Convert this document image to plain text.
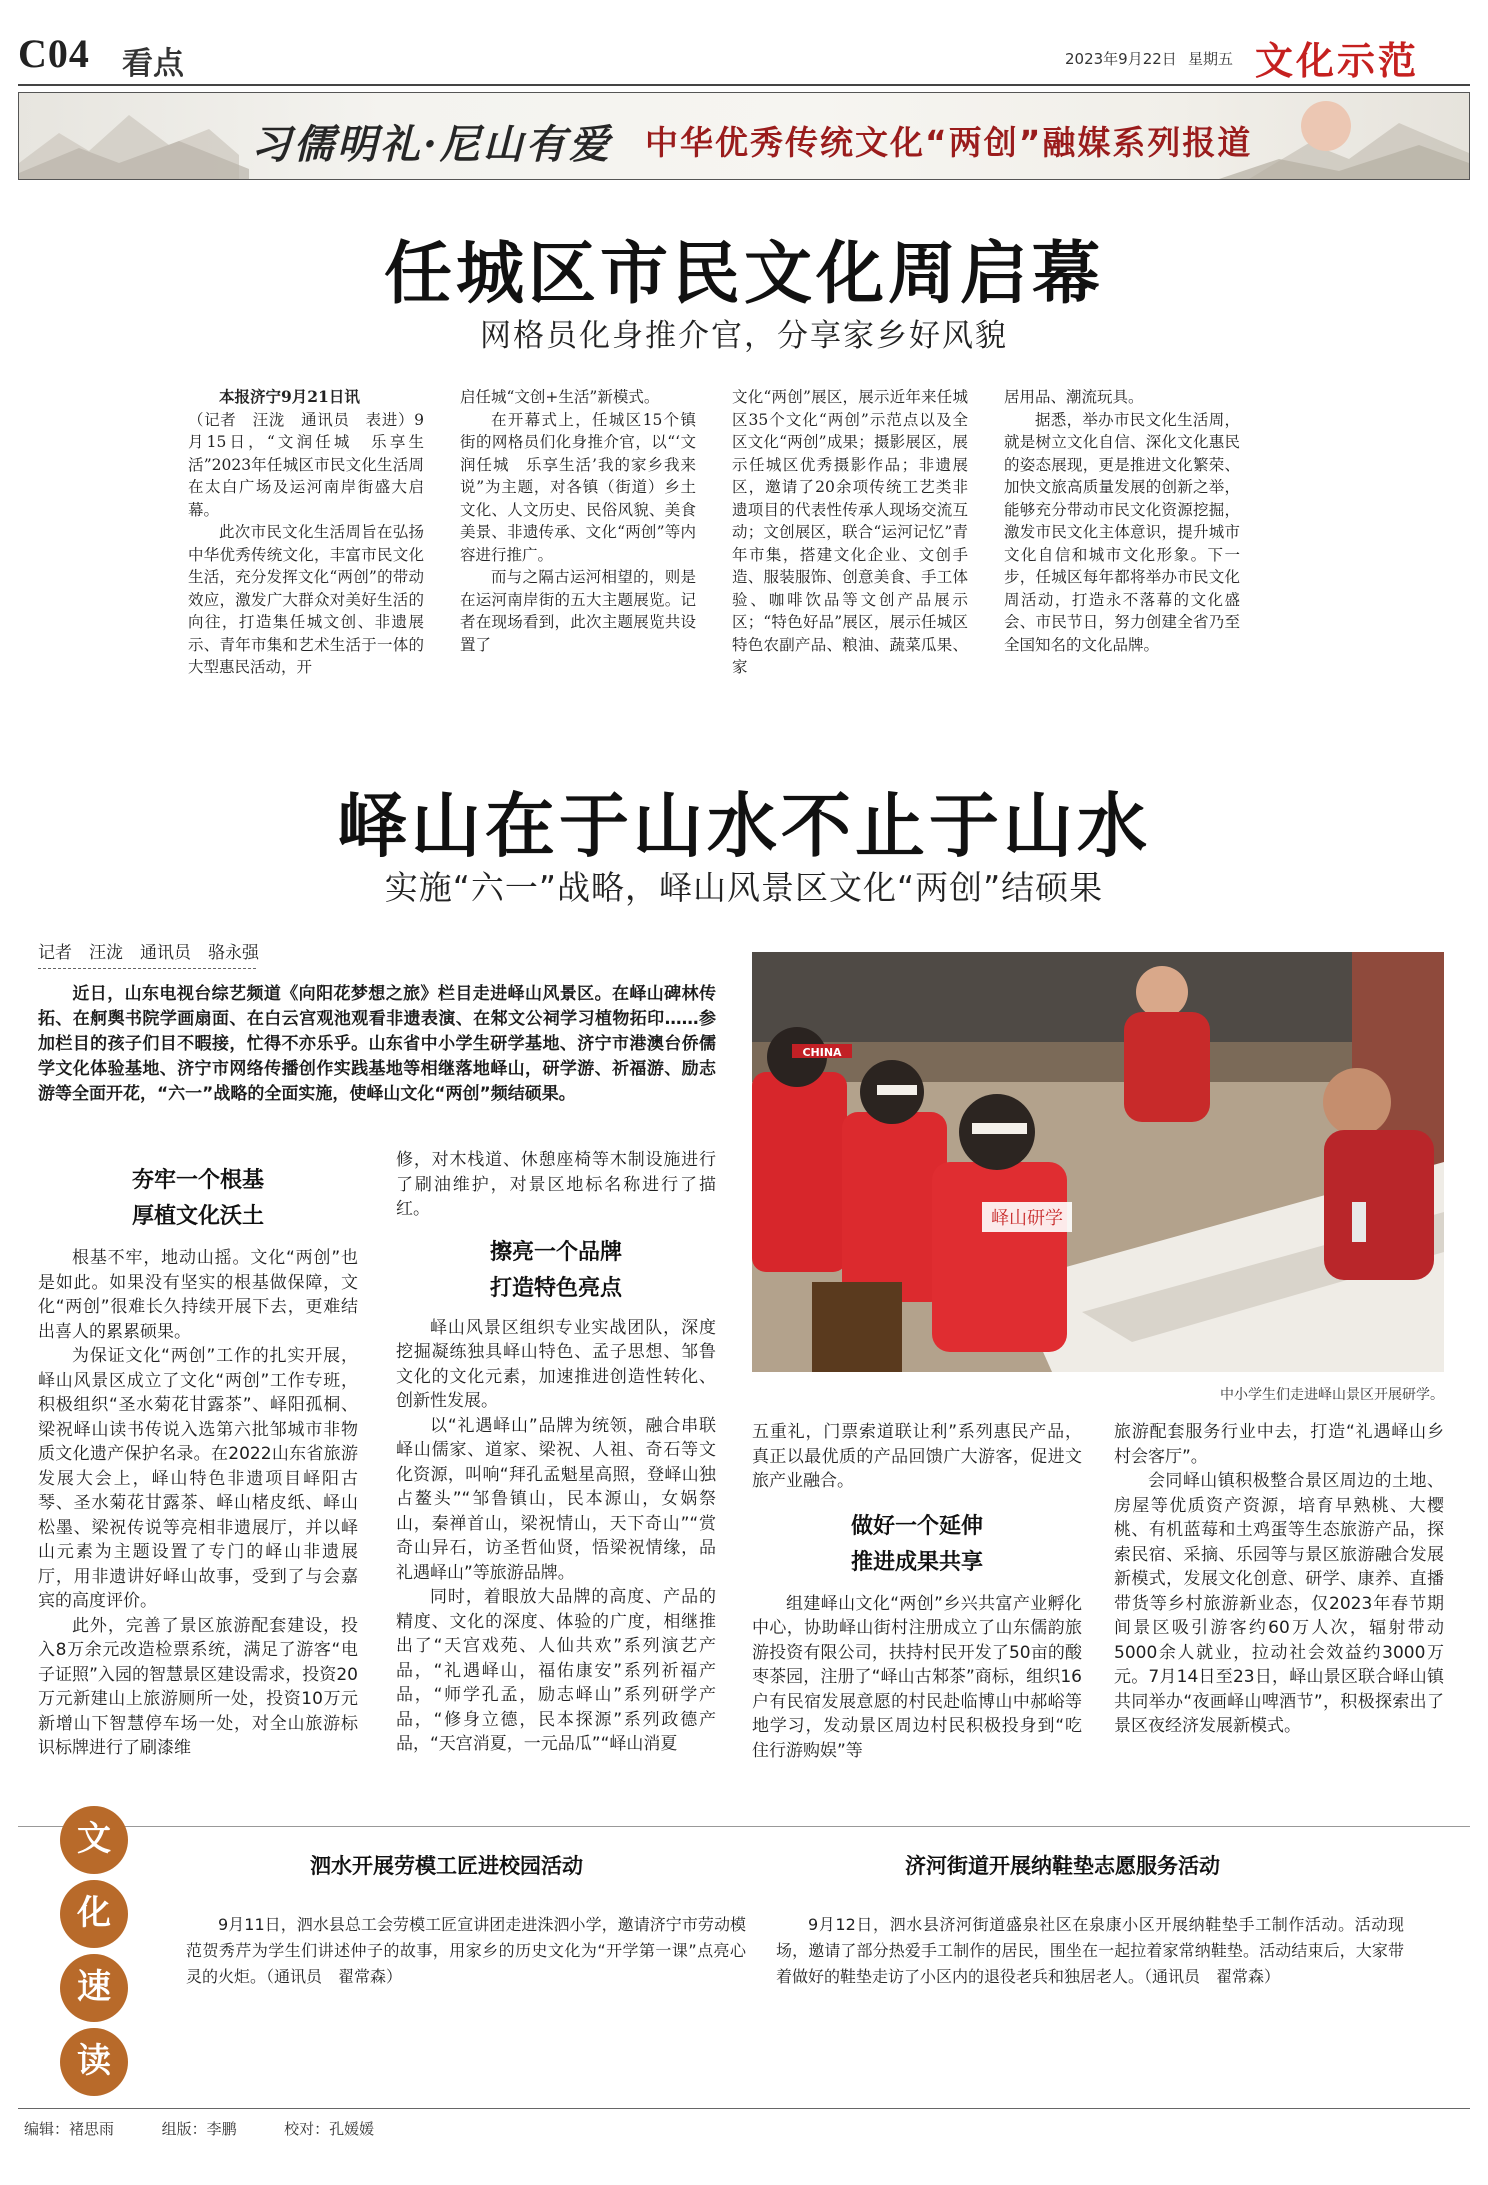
C04 看点	2023年9月22日 星期五 文化示范
习儒明礼·尼山有爱 中华优秀传统文化“两创”融媒系列报道
任城区市民文化周启幕
网格员化身推介官，分享家乡好风貌

本报济宁9月21日讯

（记者　汪泷　通讯员　表进）9月15日，“文润任城　乐享生活”2023年任城区市民文化生活周在太白广场及运河南岸街盛大启幕。

此次市民文化生活周旨在弘扬中华优秀传统文化，丰富市民文化生活，充分发挥文化“两创”的带动效应，激发广大群众对美好生活的向往，打造集任城文创、非遗展示、青年市集和艺术生活于一体的大型惠民活动，开

启任城“文创+生活”新模式。

在开幕式上，任城区15个镇街的网格员们化身推介官，以“‘文润任城　乐享生活’我的家乡我来说”为主题，对各镇（街道）乡土文化、人文历史、民俗风貌、美食美景、非遗传承、文化“两创”等内容进行推广。

而与之隔古运河相望的，则是在运河南岸街的五大主题展览。记者在现场看到，此次主题展览共设置了

文化“两创”展区，展示近年来任城区35个文化“两创”示范点以及全区文化“两创”成果；摄影展区，展示任城区优秀摄影作品；非遗展区，邀请了20余项传统工艺类非遗项目的代表性传承人现场交流互动；文创展区，联合“运河记忆”青年市集，搭建文化企业、文创手造、服装服饰、创意美食、手工体验、咖啡饮品等文创产品展示区；“特色好品”展区，展示任城区特色农副产品、粮油、蔬菜瓜果、家

居用品、潮流玩具。

据悉，举办市民文化生活周，就是树立文化自信、深化文化惠民的姿态展现，更是推进文化繁荣、加快文旅高质量发展的创新之举，能够充分带动市民文化资源挖掘，激发市民文化主体意识，提升城市文化自信和城市文化形象。下一步，任城区每年都将举办市民文化周活动，打造永不落幕的文化盛会、市民节日，努力创建全省乃至全国知名的文化品牌。

峄山在于山水不止于山水
实施“六一”战略，峄山风景区文化“两创”结硕果
记者　汪泷　通讯员　骆永强
近日，山东电视台综艺频道《向阳花梦想之旅》栏目走进峄山风景区。在峄山碑林传拓、在舸舆书院学画扇面、在白云宫观池观看非遗表演、在邾文公祠学习植物拓印……参加栏目的孩子们目不暇接，忙得不亦乐乎。山东省中小学生研学基地、济宁市港澳台侨儒学文化体验基地、济宁市网络传播创作实践基地等相继落地峄山，研学游、祈福游、励志游等全面开花，“六一”战略的全面实施，使峄山文化“两创”频结硕果。
峄山研学
CHINA
中小学生们走进峄山景区开展研学。
夯牢一个根基
厚植文化沃土

根基不牢，地动山摇。文化“两创”也是如此。如果没有坚实的根基做保障，文化“两创”很难长久持续开展下去，更难结出喜人的累累硕果。

为保证文化“两创”工作的扎实开展，峄山风景区成立了文化“两创”工作专班，积极组织“圣水菊花甘露茶”、峄阳孤桐、梁祝峄山读书传说入选第六批邹城市非物质文化遗产保护名录。在2022山东省旅游发展大会上，峄山特色非遗项目峄阳古琴、圣水菊花甘露茶、峄山楮皮纸、峄山松墨、梁祝传说等亮相非遗展厅，并以峄山元素为主题设置了专门的峄山非遗展厅，用非遗讲好峄山故事，受到了与会嘉宾的高度评价。

此外，完善了景区旅游配套建设，投入8万余元改造检票系统，满足了游客“电子证照”入园的智慧景区建设需求，投资20万元新建山上旅游厕所一处，投资10万元新增山下智慧停车场一处，对全山旅游标识标牌进行了刷漆维

修，对木栈道、休憩座椅等木制设施进行了刷油维护，对景区地标名称进行了描红。

擦亮一个品牌
打造特色亮点

峄山风景区组织专业实战团队，深度挖掘凝练独具峄山特色、孟子思想、邹鲁文化的文化元素，加速推进创造性转化、创新性发展。

以“礼遇峄山”品牌为统领，融合串联峄山儒家、道家、梁祝、人祖、奇石等文化资源，叫响“拜孔孟魁星高照，登峄山独占鳌头”“邹鲁镇山，民本源山，女娲祭山，秦禅首山，梁祝情山，天下奇山”“赏奇山异石，访圣哲仙贤，悟梁祝情缘，品礼遇峄山”等旅游品牌。

同时，着眼放大品牌的高度、产品的精度、文化的深度、体验的广度，相继推出了“天宫戏苑、人仙共欢”系列演艺产品，“礼遇峄山，福佑康安”系列祈福产品，“师学孔孟，励志峄山”系列研学产品，“修身立德，民本探源”系列政德产品，“天宫消夏，一元品瓜”“峄山消夏

五重礼，门票索道联让利”系列惠民产品，真正以最优质的产品回馈广大游客，促进文旅产业融合。

做好一个延伸
推进成果共享

组建峄山文化“两创”乡兴共富产业孵化中心，协助峄山街村注册成立了山东儒韵旅游投资有限公司，扶持村民开发了50亩的酸枣茶园，注册了“峄山古邾茶”商标，组织16户有民宿发展意愿的村民赴临博山中郝峪等地学习，发动景区周边村民积极投身到“吃住行游购娱”等

旅游配套服务行业中去，打造“礼遇峄山乡村会客厅”。

会同峄山镇积极整合景区周边的土地、房屋等优质资产资源，培育早熟桃、大樱桃、有机蓝莓和土鸡蛋等生态旅游产品，探索民宿、采摘、乐园等与景区旅游融合发展新模式，发展文化创意、研学、康养、直播带货等乡村旅游新业态，仅2023年春节期间景区吸引游客约60万人次，辐射带动5000余人就业，拉动社会效益约3000万元。7月14日至23日，峄山景区联合峄山镇共同举办“夜画峄山啤酒节”，积极探索出了景区夜经济发展新模式。

文
化
速
读
泗水开展劳模工匠进校园活动

9月11日，泗水县总工会劳模工匠宣讲团走进洙泗小学，邀请济宁市劳动模范贺秀芹为学生们讲述仲子的故事，用家乡的历史文化为“开学第一课”点亮心灵的火炬。（通讯员　翟常森）

济河街道开展纳鞋垫志愿服务活动

9月12日，泗水县济河街道盛泉社区在泉康小区开展纳鞋垫手工制作活动。活动现场，邀请了部分热爱手工制作的居民，围坐在一起拉着家常纳鞋垫。活动结束后，大家带着做好的鞋垫走访了小区内的退役老兵和独居老人。（通讯员　翟常森）

编辑：褚思雨	组版：李鹏	校对：孔媛媛
